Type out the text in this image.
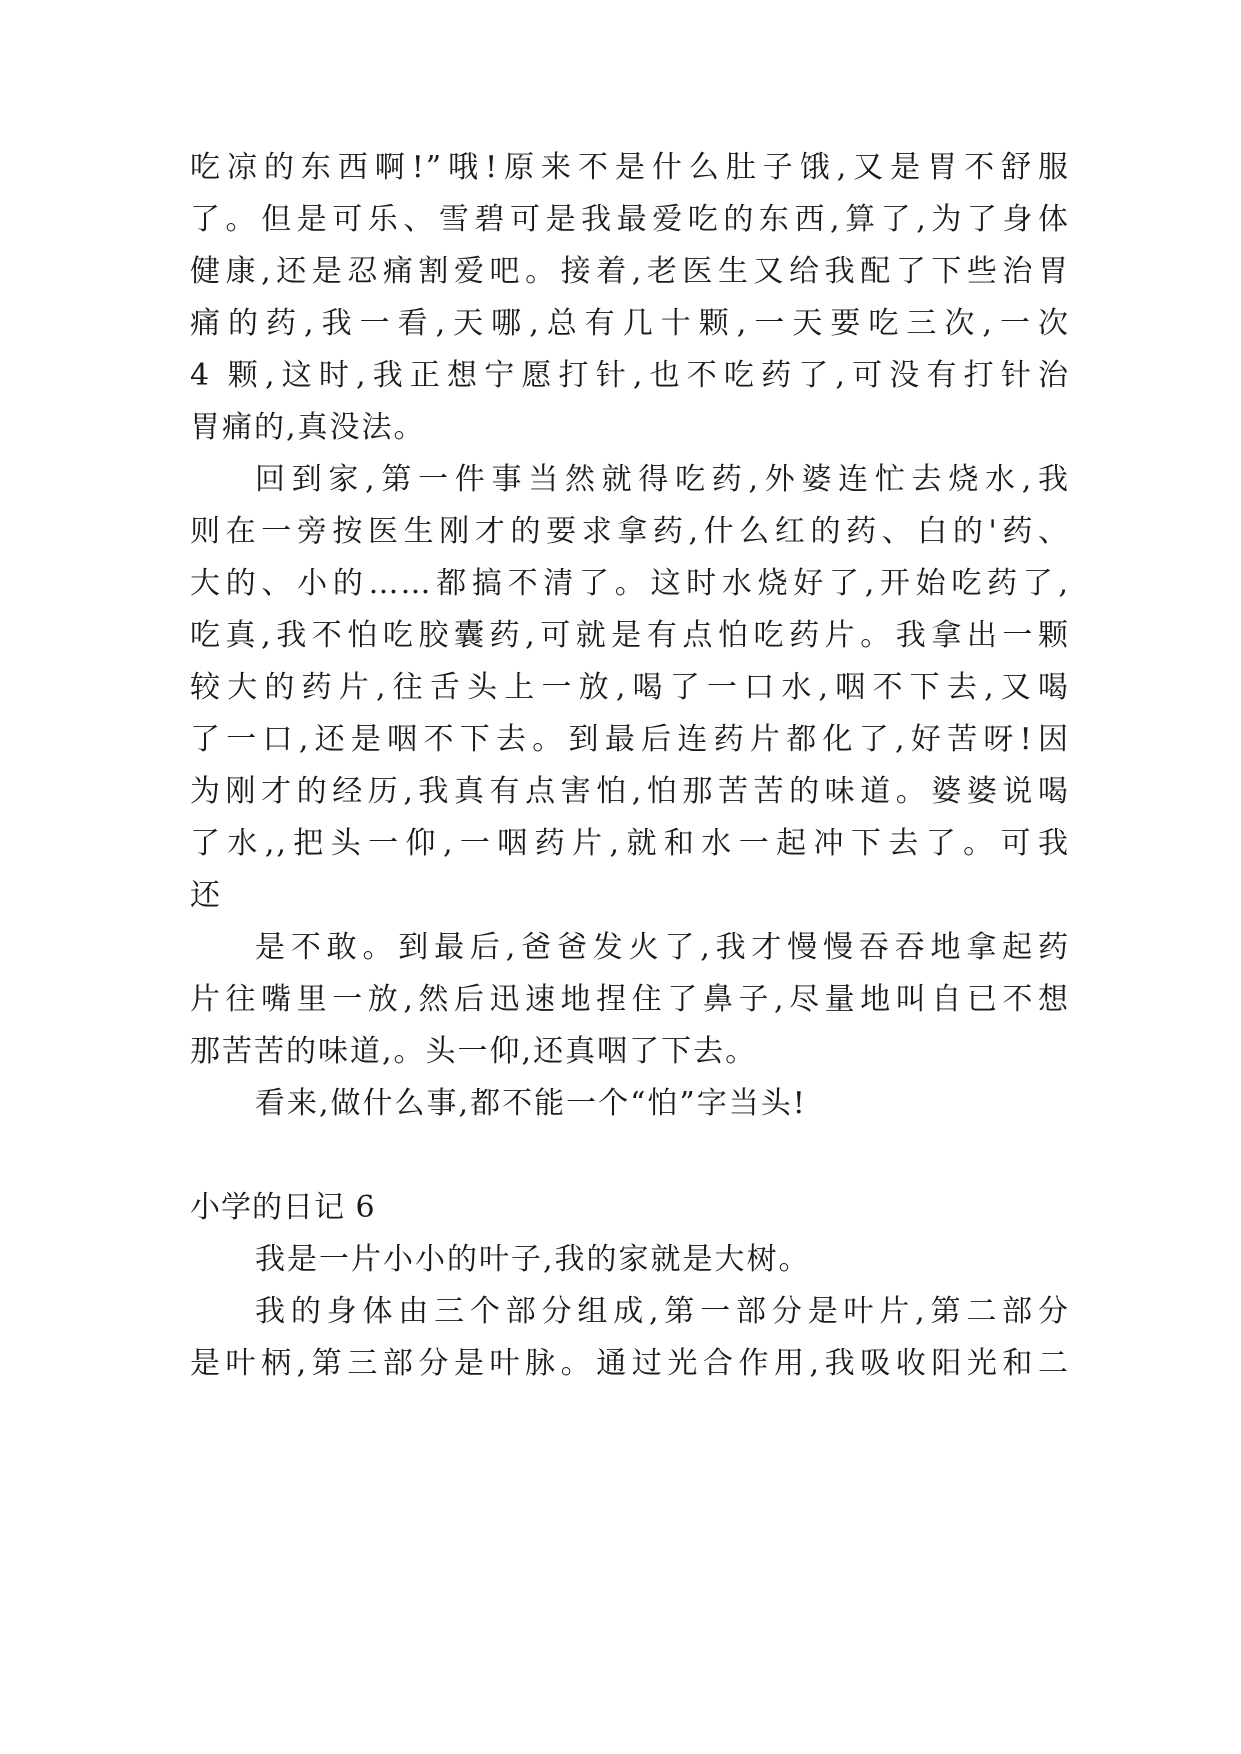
吃凉的东西啊!”哦!原来不是什么肚子饿,又是胃不舒服
了。但是可乐、雪碧可是我最爱吃的东西,算了,为了身体
健康,还是忍痛割爱吧。接着,老医生又给我配了下些治胃
痛的药,我一看,天哪,总有几十颗,一天要吃三次,一次
4 颗,这时,我正想宁愿打针,也不吃药了,可没有打针治
胃痛的,真没法。
回到家,第一件事当然就得吃药,外婆连忙去烧水,我
则在一旁按医生刚才的要求拿药,什么红的药、白的'药、
大的、小的……都搞不清了。这时水烧好了,开始吃药了,
吃真,我不怕吃胶囊药,可就是有点怕吃药片。我拿出一颗
较大的药片,往舌头上一放,喝了一口水,咽不下去,又喝
了一口,还是咽不下去。到最后连药片都化了,好苦呀!因
为刚才的经历,我真有点害怕,怕那苦苦的味道。婆婆说喝
了水,,把头一仰,一咽药片,就和水一起冲下去了。可我
还
是不敢。到最后,爸爸发火了,我才慢慢吞吞地拿起药
片往嘴里一放,然后迅速地捏住了鼻子,尽量地叫自已不想
那苦苦的味道,。头一仰,还真咽了下去。
看来,做什么事,都不能一个“怕”字当头!
小学的日记 6
我是一片小小的叶子,我的家就是大树。
我的身体由三个部分组成,第一部分是叶片,第二部分
是叶柄,第三部分是叶脉。通过光合作用,我吸收阳光和二
